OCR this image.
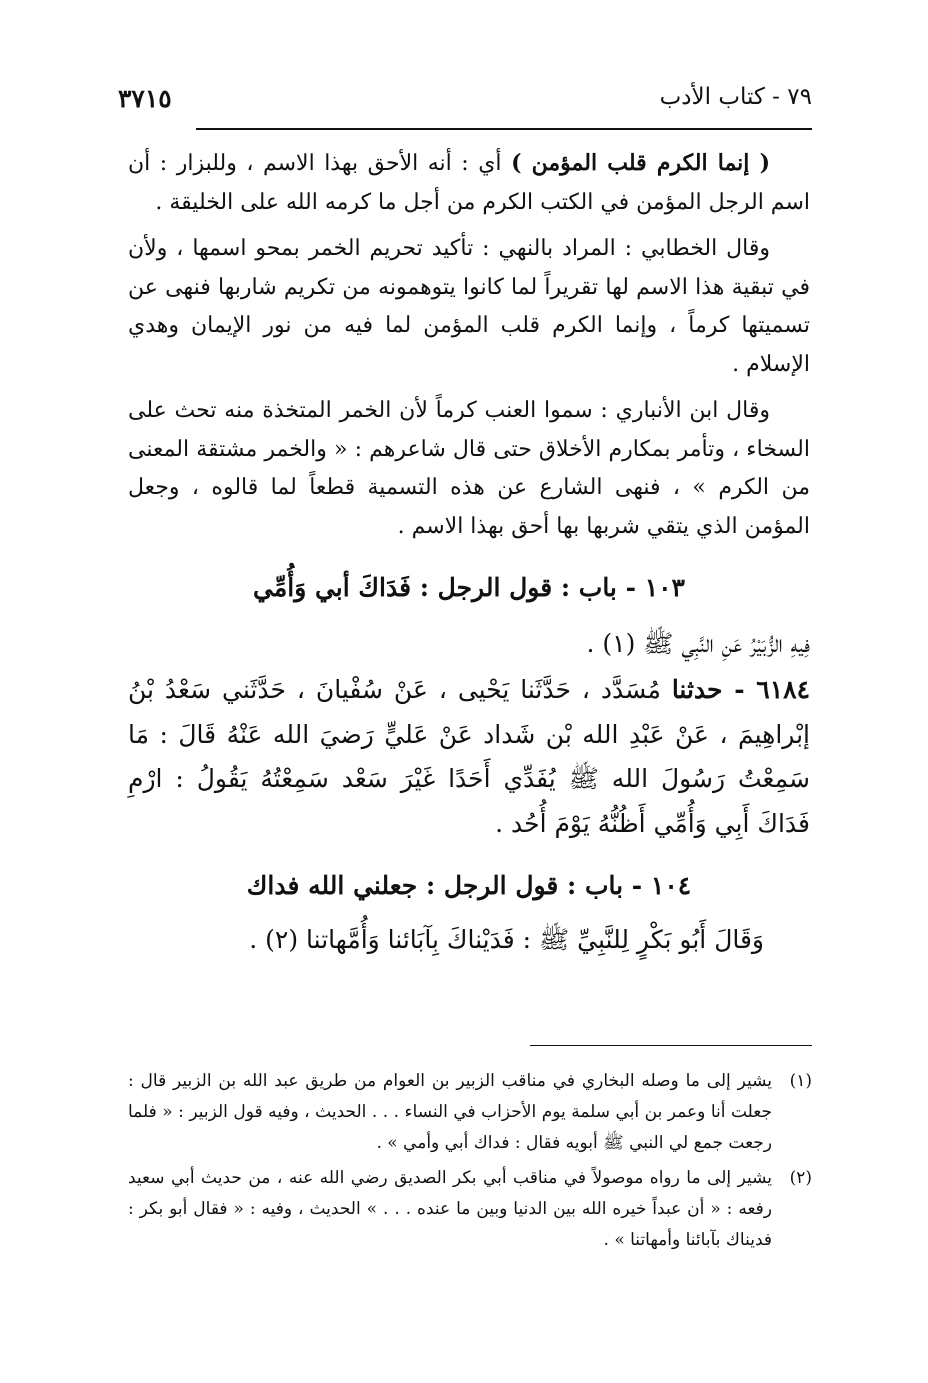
٧٩ - كتاب الأدب
٣٧١٥

( إنما الكرم قلب المؤمن ) أي : أنه الأحق بهذا الاسم ، وللبزار : أن اسم الرجل المؤمن في الكتب الكرم من أجل ما كرمه الله على الخليقة .

وقال الخطابي : المراد بالنهي : تأكيد تحريم الخمر بمحو اسمها ، ولأن في تبقية هذا الاسم لها تقريراً لما كانوا يتوهمونه من تكريم شاربها فنهى عن تسميتها كرماً ، وإنما الكرم قلب المؤمن لما فيه من نور الإيمان وهدي الإسلام .

وقال ابن الأنباري : سموا العنب كرماً لأن الخمر المتخذة منه تحث على السخاء ، وتأمر بمكارم الأخلاق حتى قال شاعرهم : « والخمر مشتقة المعنى من الكرم » ، فنهى الشارع عن هذه التسمية قطعاً لما قالوه ، وجعل المؤمن الذي يتقي شربها بها أحق بهذا الاسم .

١٠٣ - باب : قول الرجل : فَدَاكَ أبي وَأُمِّي

فِيهِ الزُّبَيْرُ عَنِ النَّبِي ﷺ (١) .

٦١٨٤ - حدثنا مُسَدَّد ، حَدَّثَنا يَحْيى ، عَنْ سُفْيانَ ، حَدَّثَني سَعْدُ بْنُ إبْراهِيمَ ، عَنْ عَبْدِ الله بْن شَداد عَنْ عَليٍّ رَضيَ الله عَنْهُ قَالَ : مَا سَمِعْتُ رَسُولَ الله ﷺ يُفَدِّي أَحَدًا غَيْرَ سَعْد سَمِعْتُهُ يَقُولُ : ارْمِ فَدَاكَ أَبِي وَأُمِّي أَظُنُّهُ يَوْمَ أُحُد .

١٠٤ - باب : قول الرجل : جعلني الله فداك

وَقَالَ أَبُو بَكْرٍ لِلنَّبِيِّ ﷺ : فَدَيْناكَ بِآبَائنا وَأُمَّهاتنا (٢) .

(١)
يشير إلى ما وصله البخاري في مناقب الزبير بن العوام من طريق عبد الله بن الزبير قال : جعلت أنا وعمر بن أبي سلمة يوم الأحزاب في النساء . . . الحديث ، وفيه قول الزبير : « فلما رجعت جمع لي النبي ﷺ أبويه فقال : فداك أبي وأمي » .
(٢)
يشير إلى ما رواه موصولاً في مناقب أبي بكر الصديق رضي الله عنه ، من حديث أبي سعيد رفعه : « أن عبداً خيره الله بين الدنيا وبين ما عنده . . . » الحديث ، وفيه : « فقال أبو بكر : فديناك بآبائنا وأمهاتنا » .
